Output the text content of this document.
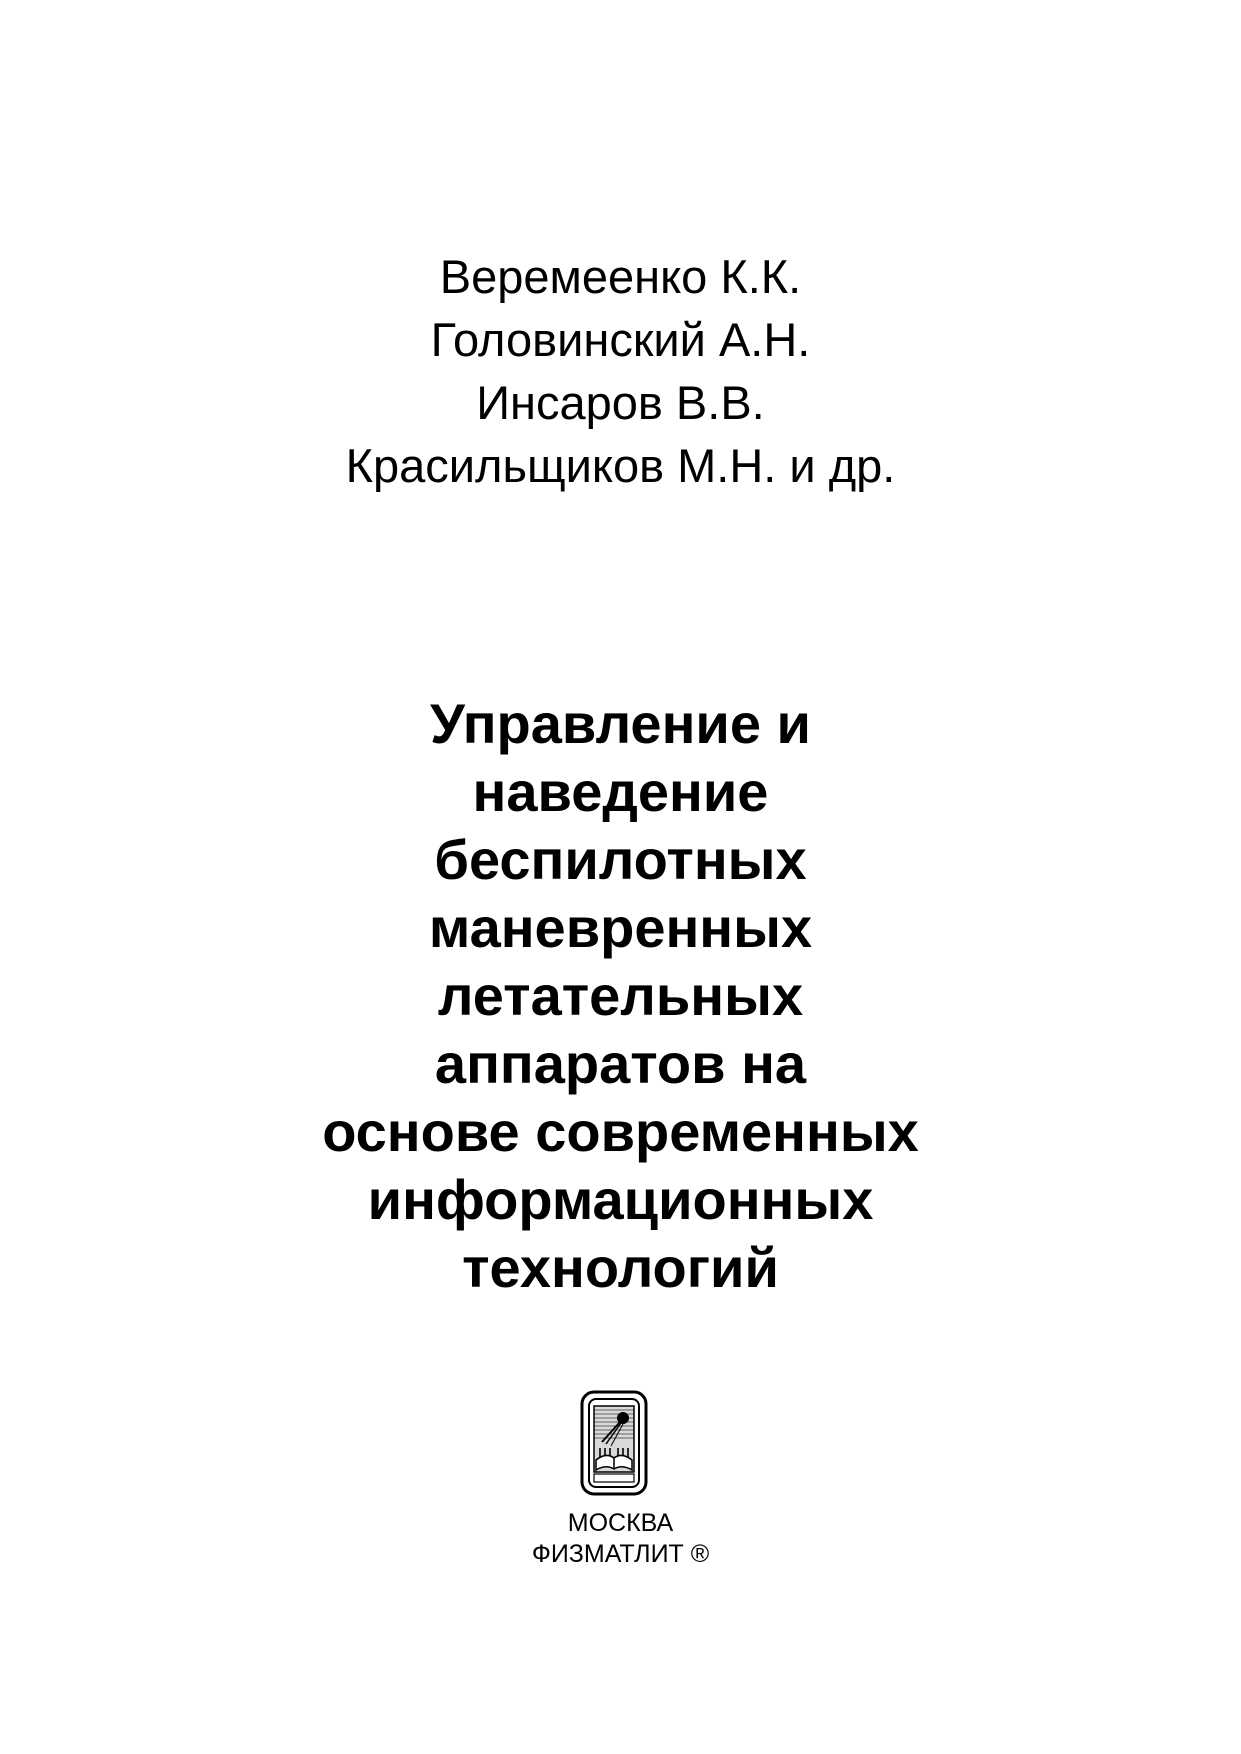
Веремеенко К.К.
Головинский А.Н.
Инсаров В.В.
Красильщиков М.Н. и др.
Управление и
наведение
беспилотных
маневренных
летательных
аппаратов на
основе современных
информационных
технологий
МОСКВА
ФИЗМАТЛИТ ®
